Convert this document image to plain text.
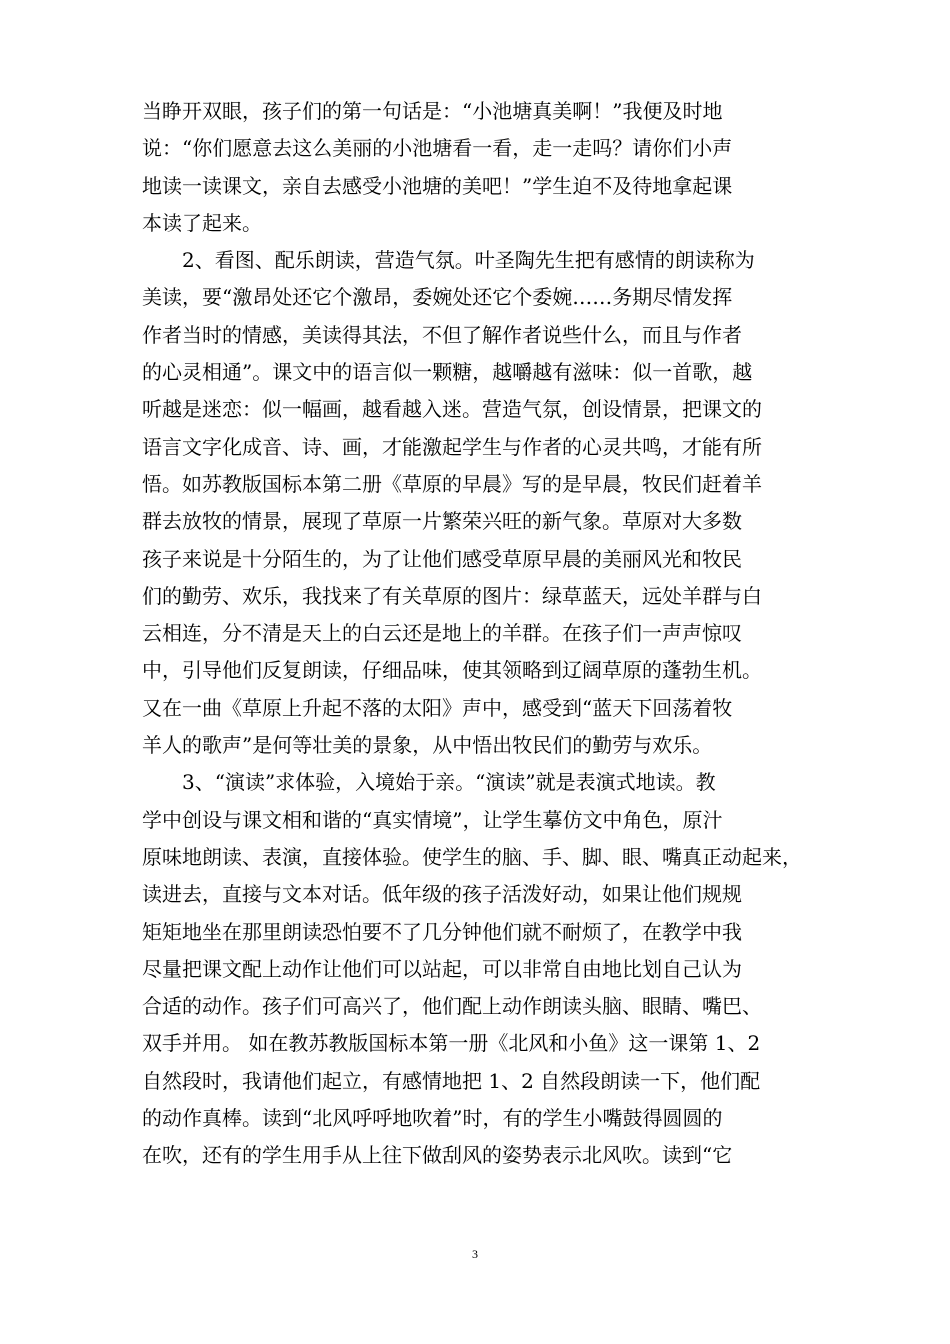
当睁开双眼，孩子们的第一句话是：“小池塘真美啊！”我便及时地

说：“你们愿意去这么美丽的小池塘看一看，走一走吗？请你们小声

地读一读课文，亲自去感受小池塘的美吧！”学生迫不及待地拿起课

本读了起来。

　　2、看图、配乐朗读，营造气氛。叶圣陶先生把有感情的朗读称为

美读，要“激昂处还它个激昂，委婉处还它个委婉……务期尽情发挥

作者当时的情感，美读得其法，不但了解作者说些什么，而且与作者

的心灵相通”。课文中的语言似一颗糖，越嚼越有滋味：似一首歌，越

听越是迷恋：似一幅画，越看越入迷。营造气氛，创设情景，把课文的

语言文字化成音、诗、画，才能激起学生与作者的心灵共鸣，才能有所

悟。如苏教版国标本第二册《草原的早晨》写的是早晨，牧民们赶着羊

群去放牧的情景，展现了草原一片繁荣兴旺的新气象。草原对大多数

孩子来说是十分陌生的，为了让他们感受草原早晨的美丽风光和牧民

们的勤劳、欢乐，我找来了有关草原的图片：绿草蓝天，远处羊群与白

云相连，分不清是天上的白云还是地上的羊群。在孩子们一声声惊叹

中，引导他们反复朗读，仔细品味，使其领略到辽阔草原的蓬勃生机。

又在一曲《草原上升起不落的太阳》声中，感受到“蓝天下回荡着牧

羊人的歌声”是何等壮美的景象，从中悟出牧民们的勤劳与欢乐。

　　3、“演读”求体验，入境始于亲。“演读”就是表演式地读。教

学中创设与课文相和谐的“真实情境”，让学生摹仿文中角色，原汁

原味地朗读、表演，直接体验。使学生的脑、手、脚、眼、嘴真正动起来，

读进去，直接与文本对话。低年级的孩子活泼好动，如果让他们规规

矩矩地坐在那里朗读恐怕要不了几分钟他们就不耐烦了，在教学中我

尽量把课文配上动作让他们可以站起，可以非常自由地比划自己认为

合适的动作。孩子们可高兴了，他们配上动作朗读头脑、眼睛、嘴巴、

双手并用。 如在教苏教版国标本第一册《北风和小鱼》这一课第 1、2

自然段时，我请他们起立，有感情地把 1、2 自然段朗读一下，他们配

的动作真棒。读到“北风呼呼地吹着”时，有的学生小嘴鼓得圆圆的

在吹，还有的学生用手从上往下做刮风的姿势表示北风吹。读到“它

3
